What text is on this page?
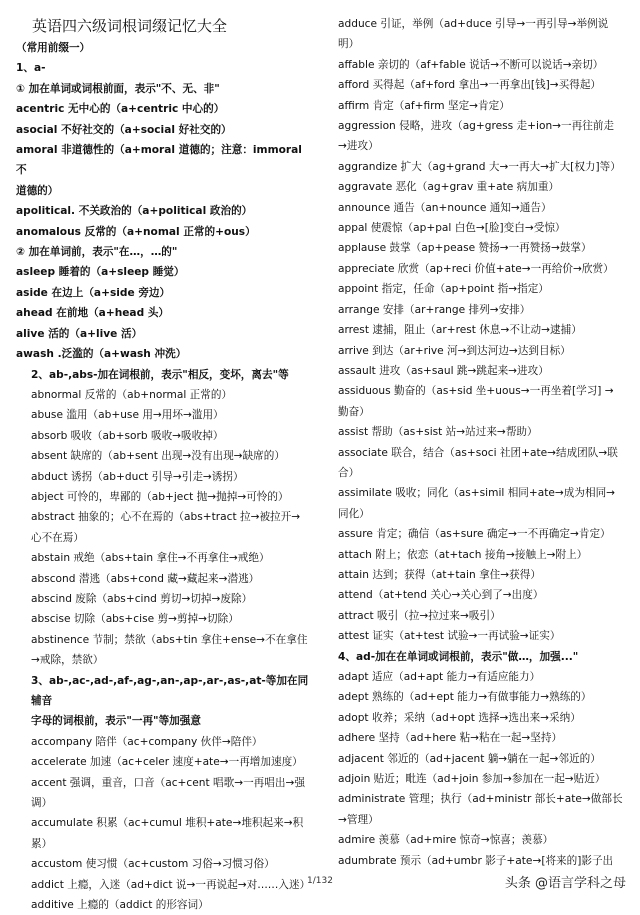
英语四六级词根词缀记忆大全
（常用前缀一）
1、a-
① 加在单词或词根前面，表示"不、无、非"
acentric 无中心的（a+centric 中心的）
asocial 不好社交的（a+social 好社交的）
amoral 非道德性的（a+moral 道德的；注意：immoral 不
道德的）
apolitical. 不关政治的（a+political 政治的）
anomalous 反常的（a+nomal 正常的+ous）
② 加在单词前，表示"在…，…的"
asleep 睡着的（a+sleep 睡觉）
aside 在边上（a+side 旁边）
ahead 在前地（a+head 头）
alive 活的（a+live 活）
awash .泛滥的（a+wash 冲洗）
2、ab-,abs-加在词根前，表示"相反，变坏，离去"等
abnormal 反常的（ab+normal 正常的）
abuse 滥用（ab+use 用→用坏→滥用）
absorb 吸收（ab+sorb 吸收→吸收掉）
absent 缺席的（ab+sent 出现→没有出现→缺席的）
abduct 诱拐（ab+duct 引导→引走→诱拐）
abject 可怜的，卑鄙的（ab+ject 抛→抛掉→可怜的）
abstract 抽象的；心不在焉的（abs+tract 拉→被拉开→
心不在焉）
abstain 戒绝（abs+tain 拿住→不再拿住→戒绝）
abscond 潜逃（abs+cond 藏→藏起来→潜逃）
abscind 废除（abs+cind 剪切→切掉→废除）
abscise 切除（abs+cise 剪→剪掉→切除）
abstinence 节制；禁欲（abs+tin 拿住+ense→不在拿住
→戒除，禁欲）
3、ab-,ac-,ad-,af-,ag-,an-,ap-,ar-,as-,at-等加在同辅音
字母的词根前，表示"一再"等加强意
accompany 陪伴（ac+company 伙伴→陪伴）
accelerate 加速（ac+celer 速度+ate→一再增加速度）
accent 强调，重音，口音（ac+cent 唱歌→一再唱出→强
调）
accumulate 积累（ac+cumul 堆积+ate→堆积起来→积
累）
accustom 使习惯（ac+custom 习俗→习惯习俗）
addict 上瘾，入迷（ad+dict 说→一再说起→对……入迷）
additive 上瘾的（addict 的形容词）
adduce 引证，举例（ad+duce 引导→一再引导→举例说
明）
affable 亲切的（af+fable 说话→不断可以说话→亲切）
afford 买得起（af+ford 拿出→一再拿出[钱]→买得起）
affirm 肯定（af+firm 坚定→肯定）
aggression 侵略，进攻（ag+gress 走+ion→一再往前走
→进攻）
aggrandize 扩大（ag+grand 大→一再大→扩大[权力]等）
aggravate 恶化（ag+grav 重+ate 病加重）
announce 通告（an+nounce 通知→通告）
appal 使震惊（ap+pal 白色→[脸]变白→受惊）
applause 鼓掌（ap+pease 赞扬→一再赞扬→鼓掌）
appreciate 欣赏（ap+reci 价值+ate→一再给价→欣赏）
appoint 指定，任命（ap+point 指→指定）
arrange 安排（ar+range 排列→安排）
arrest 逮捕，阻止（ar+rest 休息→不让动→逮捕）
arrive 到达（ar+rive 河→到达河边→达到目标）
assault 进攻（as+saul 跳→跳起来→进攻）
assiduous 勤奋的（as+sid 坐+uous→一再坐着[学习] →
勤奋）
assist 帮助（as+sist 站→站过来→帮助）
associate 联合，结合（as+soci 社团+ate→结成团队→联
合）
assimilate 吸收；同化（as+simil 相同+ate→成为相同→
同化）
assure 肯定；确信（as+sure 确定→一不再确定→肯定）
attach 附上；依恋（at+tach 接角→接触上→附上）
attain 达到；获得（at+tain 拿住→获得）
attend（at+tend 关心→关心到了→出度）
attract 吸引（拉→拉过来→吸引）
attest 证实（at+test 试验→一再试验→证实）
4、ad-加在在单词或词根前，表示"做…，加强..."
adapt 适应（ad+apt 能力→有适应能力）
adept 熟练的（ad+ept 能力→有做事能力→熟练的）
adopt 收养；采纳（ad+opt 选择→选出来→采纳）
adhere 坚持（ad+here 粘→粘在一起→坚持）
adjacent 邻近的（ad+jacent 躺→躺在一起→邻近的）
adjoin 贴近；毗连（ad+join 参加→参加在一起→贴近）
administrate 管理；执行（ad+ministr 部长+ate→做部长
→管理）
admire 羡慕（ad+mire 惊奇→惊喜；羡慕）
adumbrate 预示（ad+umbr 影子+ate→[将来的]影子出
1/132	头条 @语言学科之母
